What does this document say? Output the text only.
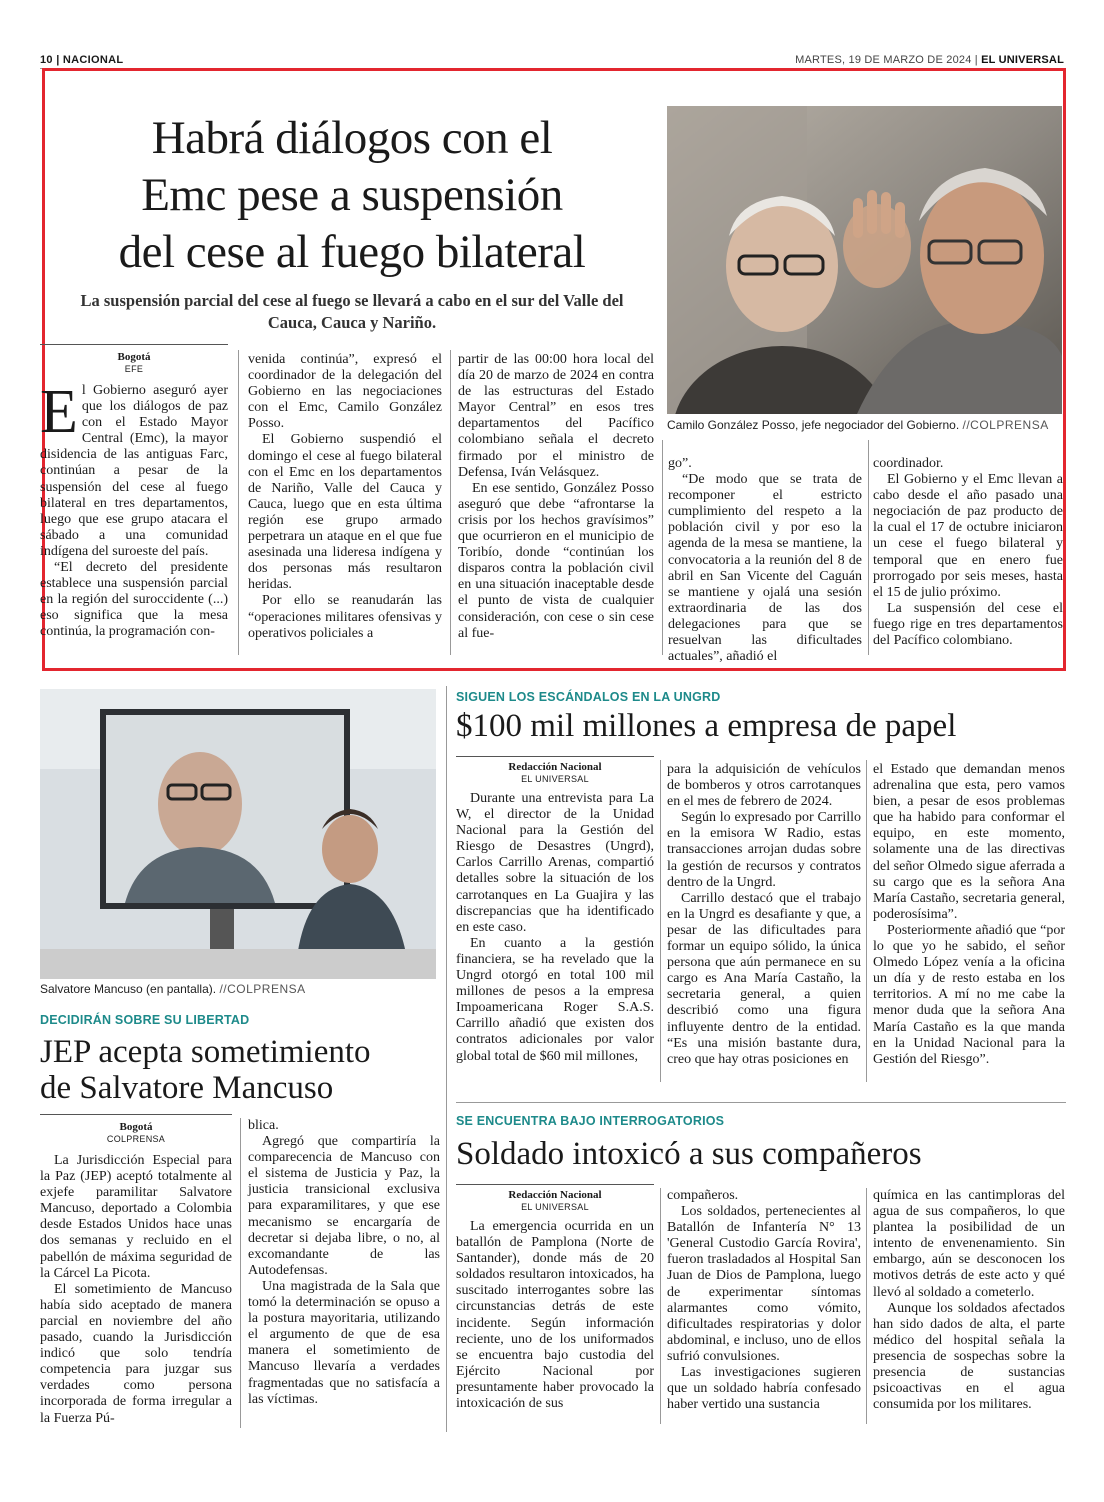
10 | NACIONAL	MARTES, 19 DE MARZO DE 2024 | EL UNIVERSAL
Habrá diálogos con el
Emc pese a suspensión
del cese al fuego bilateral
La suspensión parcial del cese al fuego se llevará a cabo en el sur del Valle del Cauca, Cauca y Nariño.
Bogotá
EFE

El Gobierno aseguró ayer que los diálogos de paz con el Estado Mayor Central (Emc), la mayor disidencia de las antiguas Farc, continúan a pesar de la suspensión del cese al fuego bilateral en tres departamentos, luego que ese grupo atacara el sábado a una comunidad indígena del suroeste del país.

“El decreto del presidente establece una suspensión parcial en la región del suroccidente (...) eso significa que la mesa continúa, la programación con-

venida continúa”, expresó el coordinador de la delegación del Gobierno en las negociaciones con el Emc, Camilo González Posso.

El Gobierno suspendió el domingo el cese al fuego bilateral con el Emc en los departamentos de Nariño, Valle del Cauca y Cauca, luego que en esta última región ese grupo armado perpetrara un ataque en el que fue asesinada una lideresa indígena y dos personas más resultaron heridas.

Por ello se reanudarán las “operaciones militares ofensivas y operativos policiales a

partir de las 00:00 hora local del día 20 de marzo de 2024 en contra de las estructuras del Estado Mayor Central” en esos tres departamentos del Pacífico colombiano señala el decreto firmado por el ministro de Defensa, Iván Velásquez.

En ese sentido, González Posso aseguró que debe “afrontarse la crisis por los hechos gravísimos” que ocurrieron en el municipio de Toribío, donde “continúan los disparos contra la población civil en una situación inaceptable desde el punto de vista de cualquier consideración, con cese o sin cese al fue-

Camilo González Posso, jefe negociador del Gobierno. //COLPRENSA

go”.

“De modo que se trata de recomponer el estricto cumplimiento del respeto a la población civil y por eso la agenda de la mesa se mantiene, la convocatoria a la reunión del 8 de abril en San Vicente del Caguán se mantiene y ojalá una sesión extraordinaria de las dos delegaciones para que se resuelvan las dificultades actuales”, añadió el

coordinador.

El Gobierno y el Emc llevan a cabo desde el año pasado una negociación de paz producto de la cual el 17 de octubre iniciaron un cese el fuego bilateral y temporal que en enero fue prorrogado por seis meses, hasta el 15 de julio próximo.

La suspensión del cese el fuego rige en tres departamentos del Pacífico colombiano.

Salvatore Mancuso (en pantalla). //COLPRENSA
DECIDIRÁN SOBRE SU LIBERTAD
JEP acepta sometimiento
de Salvatore Mancuso
Bogotá
COLPRENSA

La Jurisdicción Especial para la Paz (JEP) aceptó totalmente al exjefe paramilitar Salvatore Mancuso, deportado a Colombia desde Estados Unidos hace unas dos semanas y recluido en el pabellón de máxima seguridad de la Cárcel La Picota.

El sometimiento de Mancuso había sido aceptado de manera parcial en noviembre del año pasado, cuando la Jurisdicción indicó que solo tendría competencia para juzgar sus verdades como persona incorporada de forma irregular a la Fuerza Pú-

blica.

Agregó que compartiría la comparecencia de Mancuso con el sistema de Justicia y Paz, la justicia transicional exclusiva para exparamilitares, y que ese mecanismo se encargaría de decretar si dejaba libre, o no, al excomandante de las Autodefensas.

Una magistrada de la Sala que tomó la determinación se opuso a la postura mayoritaria, utilizando el argumento de que de esa manera el sometimiento de Mancuso llevaría a verdades fragmentadas que no satisfacía a las víctimas.

SIGUEN LOS ESCÁNDALOS EN LA UNGRD
$100 mil millones a empresa de papel
Redacción Nacional
EL UNIVERSAL

Durante una entrevista para La W, el director de la Unidad Nacional para la Gestión del Riesgo de Desastres (Ungrd), Carlos Carrillo Arenas, compartió detalles sobre la situación de los carrotanques en La Guajira y las discrepancias que ha identificado en este caso.

En cuanto a la gestión financiera, se ha revelado que la Ungrd otorgó en total 100 mil millones de pesos a la empresa Impoamericana Roger S.A.S. Carrillo añadió que existen dos contratos adicionales por valor global total de $60 mil millones,

para la adquisición de vehículos de bomberos y otros carrotanques en el mes de febrero de 2024.

Según lo expresado por Carrillo en la emisora W Radio, estas transacciones arrojan dudas sobre la gestión de recursos y contratos dentro de la Ungrd.

Carrillo destacó que el trabajo en la Ungrd es desafiante y que, a pesar de las dificultades para formar un equipo sólido, la única persona que aún permanece en su cargo es Ana María Castaño, la secretaria general, a quien describió como una figura influyente dentro de la entidad. “Es una misión bastante dura, creo que hay otras posiciones en

el Estado que demandan menos adrenalina que esta, pero vamos bien, a pesar de esos problemas que ha habido para conformar el equipo, en este momento, solamente una de las directivas del señor Olmedo sigue aferrada a su cargo que es la señora Ana María Castaño, secretaria general, poderosísima”.

Posteriormente añadió que “por lo que yo he sabido, el señor Olmedo López venía a la oficina un día y de resto estaba en los territorios. A mí no me cabe la menor duda que la señora Ana María Castaño es la que manda en la Unidad Nacional para la Gestión del Riesgo”.

SE ENCUENTRA BAJO INTERROGATORIOS
Soldado intoxicó a sus compañeros
Redacción Nacional
EL UNIVERSAL

La emergencia ocurrida en un batallón de Pamplona (Norte de Santander), donde más de 20 soldados resultaron intoxicados, ha suscitado interrogantes sobre las circunstancias detrás de este incidente. Según información reciente, uno de los uniformados se encuentra bajo custodia del Ejército Nacional por presuntamente haber provocado la intoxicación de sus

compañeros.

Los soldados, pertenecientes al Batallón de Infantería N° 13 'General Custodio García Rovira', fueron trasladados al Hospital San Juan de Dios de Pamplona, luego de experimentar síntomas alarmantes como vómito, dificultades respiratorias y dolor abdominal, e incluso, uno de ellos sufrió convulsiones.

Las investigaciones sugieren que un soldado habría confesado haber vertido una sustancia

química en las cantimploras del agua de sus compañeros, lo que plantea la posibilidad de un intento de envenenamiento. Sin embargo, aún se desconocen los motivos detrás de este acto y qué llevó al soldado a cometerlo.

Aunque los soldados afectados han sido dados de alta, el parte médico del hospital señala la presencia de sospechas sobre la presencia de sustancias psicoactivas en el agua consumida por los militares.
